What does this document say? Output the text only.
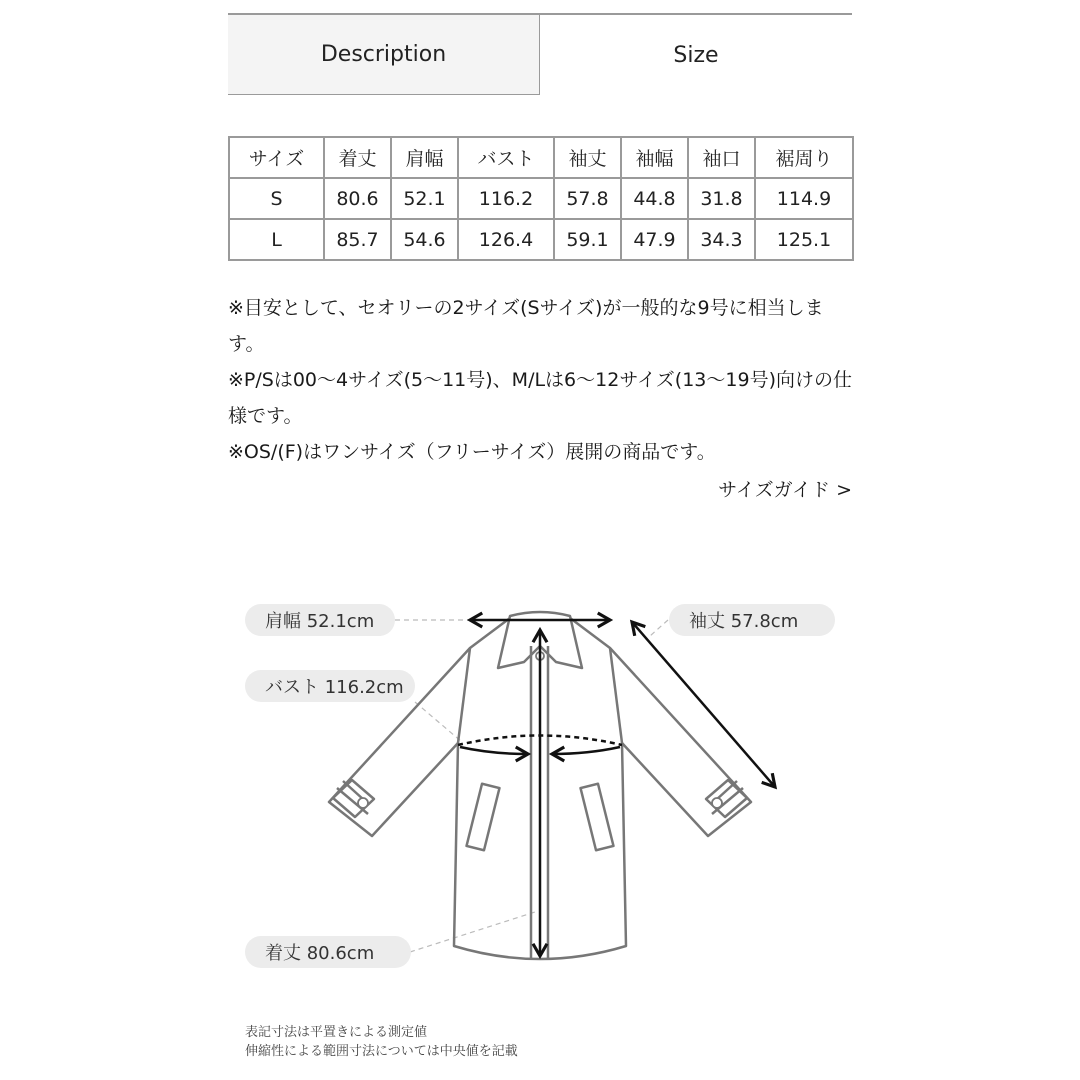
Description	Size
サイズ	着丈	肩幅	バスト	袖丈	袖幅	袖口	裾周り
S	80.6	52.1	116.2	57.8	44.8	31.8	114.9
L	85.7	54.6	126.4	59.1	47.9	34.3	125.1

※目安として、セオリーの2サイズ(Sサイズ)が一般的な9号に相当します。

※P/Sは00〜4サイズ(5〜11号)、M/Lは6〜12サイズ(13〜19号)向けの仕様です。

※OS/(F)はワンサイズ（フリーサイズ）展開の商品です。

サイズガイド >
肩幅 52.1cm	袖丈 57.8cm
バスト 116.2cm
着丈 80.6cm

表記寸法は平置きによる測定値

伸縮性による範囲寸法については中央値を記載
